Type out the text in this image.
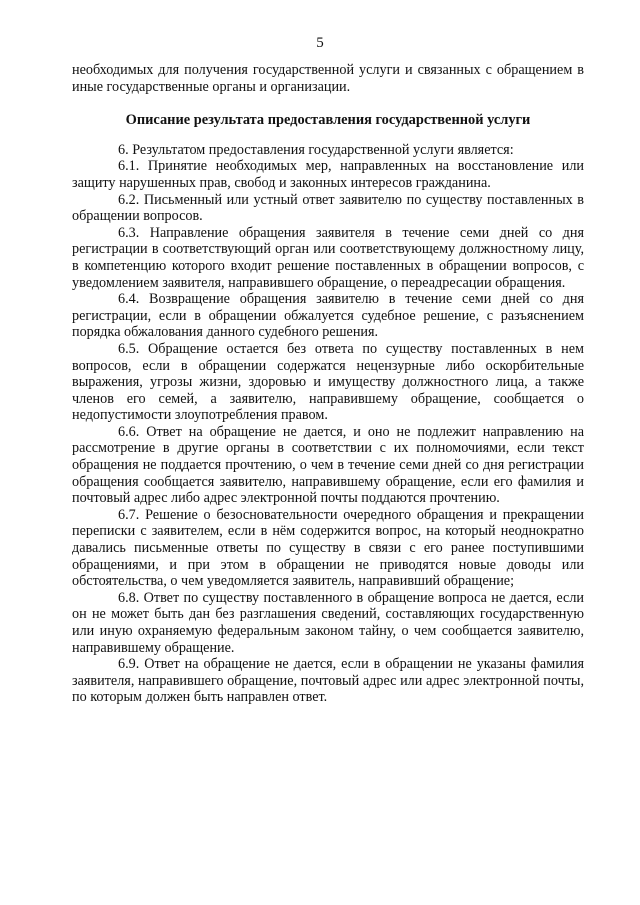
5

необходимых для получения государственной услуги и связанных с обращением в иные государственные органы и организации.

Описание результата предоставления государственной услуги

6. Результатом предоставления государственной услуги является:

6.1. Принятие необходимых мер, направленных на восстановление или защиту нарушенных прав, свобод и законных интересов гражданина.

6.2. Письменный или устный ответ заявителю по существу поставленных в обращении вопросов.

6.3. Направление обращения заявителя в течение семи дней со дня регистрации в соответствующий орган или соответствующему должностному лицу, в компетенцию которого входит решение поставленных в обращении вопросов, с уведомлением заявителя, направившего обращение, о переадресации обращения.

6.4. Возвращение обращения заявителю в течение семи дней со дня регистрации, если в обращении обжалуется судебное решение, с разъяснением порядка обжалования данного судебного решения.

6.5. Обращение остается без ответа по существу поставленных в нем вопросов, если в обращении содержатся нецензурные либо оскорбительные выражения, угрозы жизни, здоровью и имуществу должностного лица, а также членов его семей, а заявителю, направившему обращение, сообщается о недопустимости злоупотребления правом.

6.6. Ответ на обращение не дается, и оно не подлежит направлению на рассмотрение в другие органы в соответствии с их полномочиями, если текст обращения не поддается прочтению, о чем в течение семи дней со дня регистрации обращения сообщается заявителю, направившему обращение, если его фамилия и почтовый адрес либо адрес электронной почты поддаются прочтению.

6.7. Решение о безосновательности очередного обращения и прекращении переписки с заявителем, если в нём содержится вопрос, на который неоднократно давались письменные ответы по существу в связи с его ранее поступившими обращениями, и при этом в обращении не приводятся новые доводы или обстоятельства, о чем уведомляется заявитель, направивший обращение;

6.8. Ответ по существу поставленного в обращение вопроса не дается, если он не может быть дан без разглашения сведений, составляющих государственную или иную охраняемую федеральным законом тайну, о чем сообщается заявителю, направившему обращение.

6.9. Ответ на обращение не дается, если в обращении не указаны фамилия заявителя, направившего обращение, почтовый адрес или адрес электронной почты, по которым должен быть направлен ответ.
